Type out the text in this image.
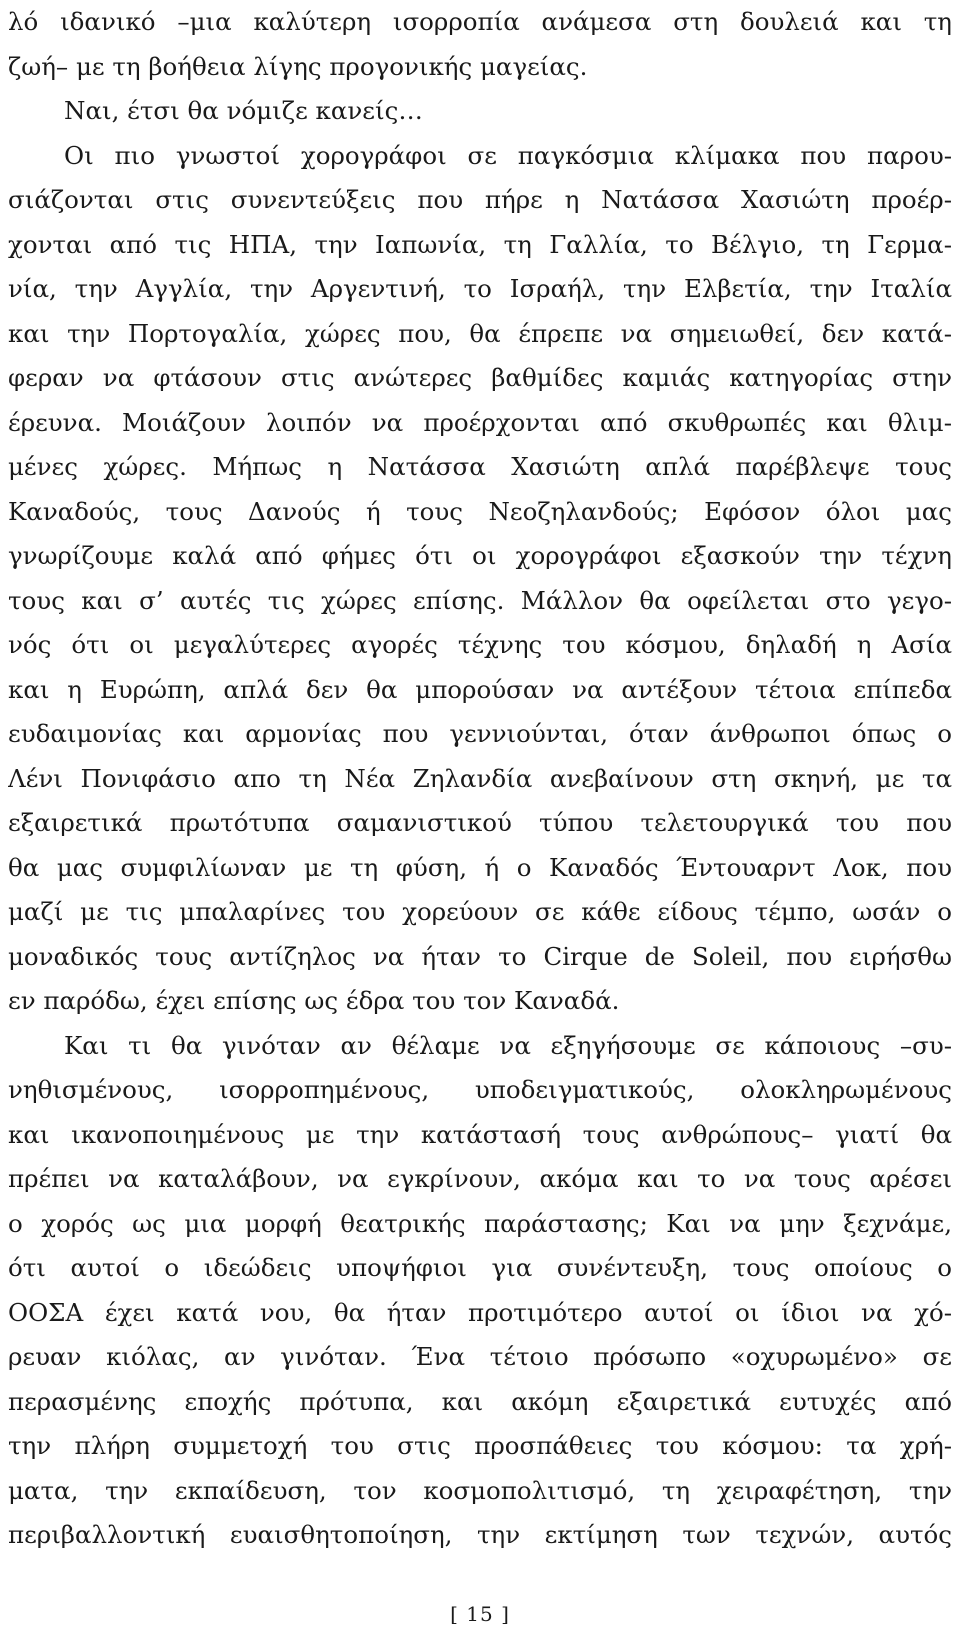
λό ιδανικό –μια καλύτερη ισορροπία ανάμεσα στη δουλειά και τη
ζωή– με τη βοήθεια λίγης προγονικής μαγείας.
Ναι, έτσι θα νόμιζε κανείς…
Οι πιο γνωστοί χορογράφοι σε παγκόσμια κλίμακα που παρου-
σιάζονται στις συνεντεύξεις που πήρε η Νατάσσα Χασιώτη προέρ-
χονται από τις ΗΠΑ, την Ιαπωνία, τη Γαλλία, το Βέλγιο, τη Γερμα-
νία, την Αγγλία, την Αργεντινή, το Ισραήλ, την Ελβετία, την Ιταλία
και την Πορτογαλία, χώρες που, θα έπρεπε να σημειωθεί, δεν κατά-
φεραν να φτάσουν στις ανώτερες βαθμίδες καμιάς κατηγορίας στην
έρευνα. Μοιάζουν λοιπόν να προέρχονται από σκυθρωπές και θλιμ-
μένες χώρες. Μήπως η Νατάσσα Χασιώτη απλά παρέβλεψε τους
Καναδούς, τους Δανούς ή τους Νεοζηλανδούς; Εφόσον όλοι μας
γνωρίζουμε καλά από φήμες ότι οι χορογράφοι εξασκούν την τέχνη
τους και σ’ αυτές τις χώρες επίσης. Μάλλον θα οφείλεται στο γεγο-
νός ότι οι μεγαλύτερες αγορές τέχνης του κόσμου, δηλαδή η Ασία
και η Ευρώπη, απλά δεν θα μπορούσαν να αντέξουν τέτοια επίπεδα
ευδαιμονίας και αρμονίας που γεννιούνται, όταν άνθρωποι όπως ο
Λένι Πονιφάσιο απο τη Νέα Ζηλανδία ανεβαίνουν στη σκηνή, με τα
εξαιρετικά πρωτότυπα σαμανιστικού τύπου τελετουργικά του που
θα μας συμφιλίωναν με τη φύση, ή ο Καναδός Έντουαρντ Λοκ, που
μαζί με τις μπαλαρίνες του χορεύουν σε κάθε είδους τέμπο, ωσάν ο
μοναδικός τους αντίζηλος να ήταν το Cirque de Soleil, που ειρήσθω
εν παρόδω, έχει επίσης ως έδρα του τον Καναδά.
Και τι θα γινόταν αν θέλαμε να εξηγήσουμε σε κάποιους –συ-
νηθισμένους, ισορροπημένους, υποδειγματικούς, ολοκληρωμένους
και ικανοποιημένους με την κατάστασή τους ανθρώπους– γιατί θα
πρέπει να καταλάβουν, να εγκρίνουν, ακόμα και το να τους αρέσει
ο χορός ως μια μορφή θεατρικής παράστασης; Και να μην ξεχνάμε,
ότι αυτοί ο ιδεώδεις υποψήφιοι για συνέντευξη, τους οποίους ο
ΟΟΣΑ έχει κατά νου, θα ήταν προτιμότερο αυτοί οι ίδιοι να χό-
ρευαν κιόλας, αν γινόταν. Ένα τέτοιο πρόσωπο «οχυρωμένο» σε
περασμένης εποχής πρότυπα, και ακόμη εξαιρετικά ευτυχές από
την πλήρη συμμετοχή του στις προσπάθειες του κόσμου: τα χρή-
ματα, την εκπαίδευση, τον κοσμοπολιτισμό, τη χειραφέτηση, την
περιβαλλοντική ευαισθητοποίηση, την εκτίμηση των τεχνών, αυτός
[ 15 ]
